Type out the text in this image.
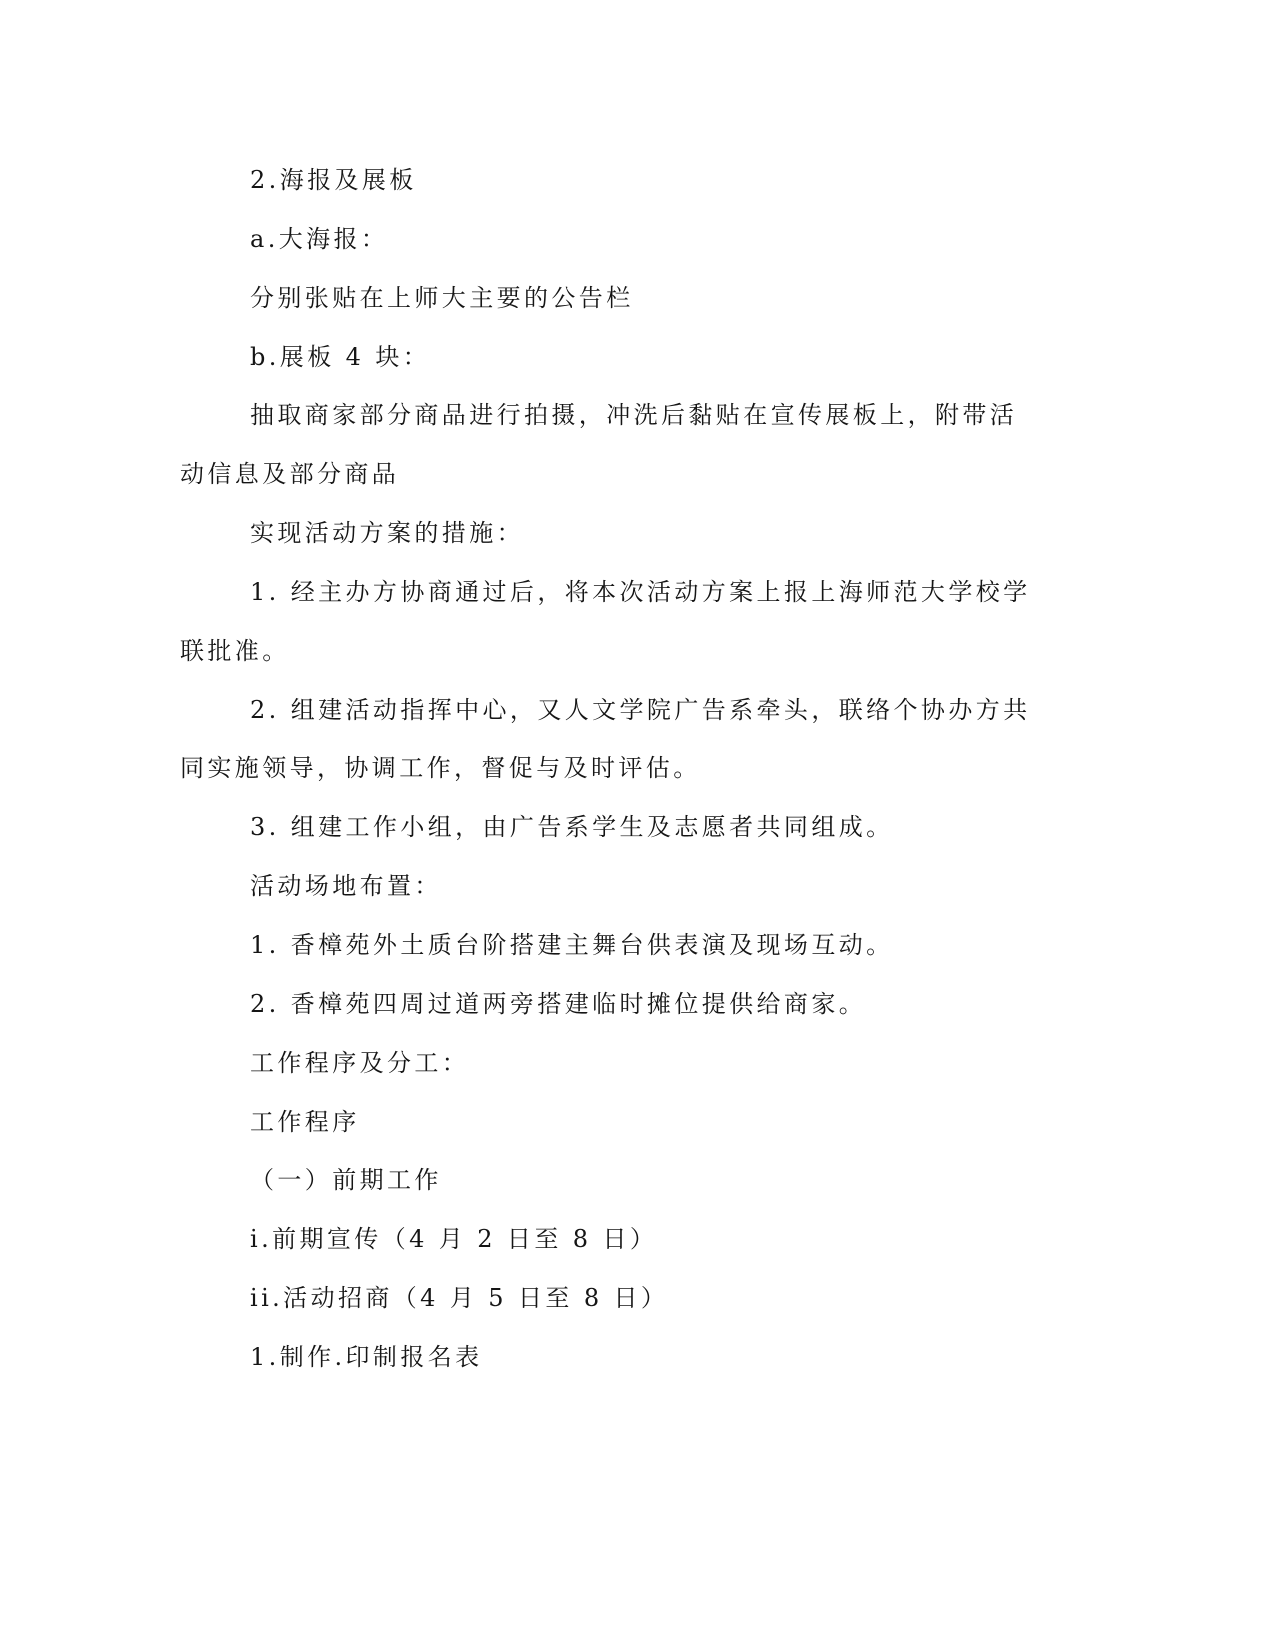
2.海报及展板

a.大海报：

分别张贴在上师大主要的公告栏

b.展板 4 块：

抽取商家部分商品进行拍摄，冲洗后黏贴在宣传展板上，附带活
动信息及部分商品

实现活动方案的措施：

1. 经主办方协商通过后，将本次活动方案上报上海师范大学校学
联批准。

2. 组建活动指挥中心，又人文学院广告系牵头，联络个协办方共
同实施领导，协调工作，督促与及时评估。

3. 组建工作小组，由广告系学生及志愿者共同组成。

活动场地布置：

1. 香樟苑外土质台阶搭建主舞台供表演及现场互动。

2. 香樟苑四周过道两旁搭建临时摊位提供给商家。

工作程序及分工：

工作程序

（一）前期工作

i.前期宣传（4 月 2 日至 8 日）

ii.活动招商（4 月 5 日至 8 日）

1.制作.印制报名表
